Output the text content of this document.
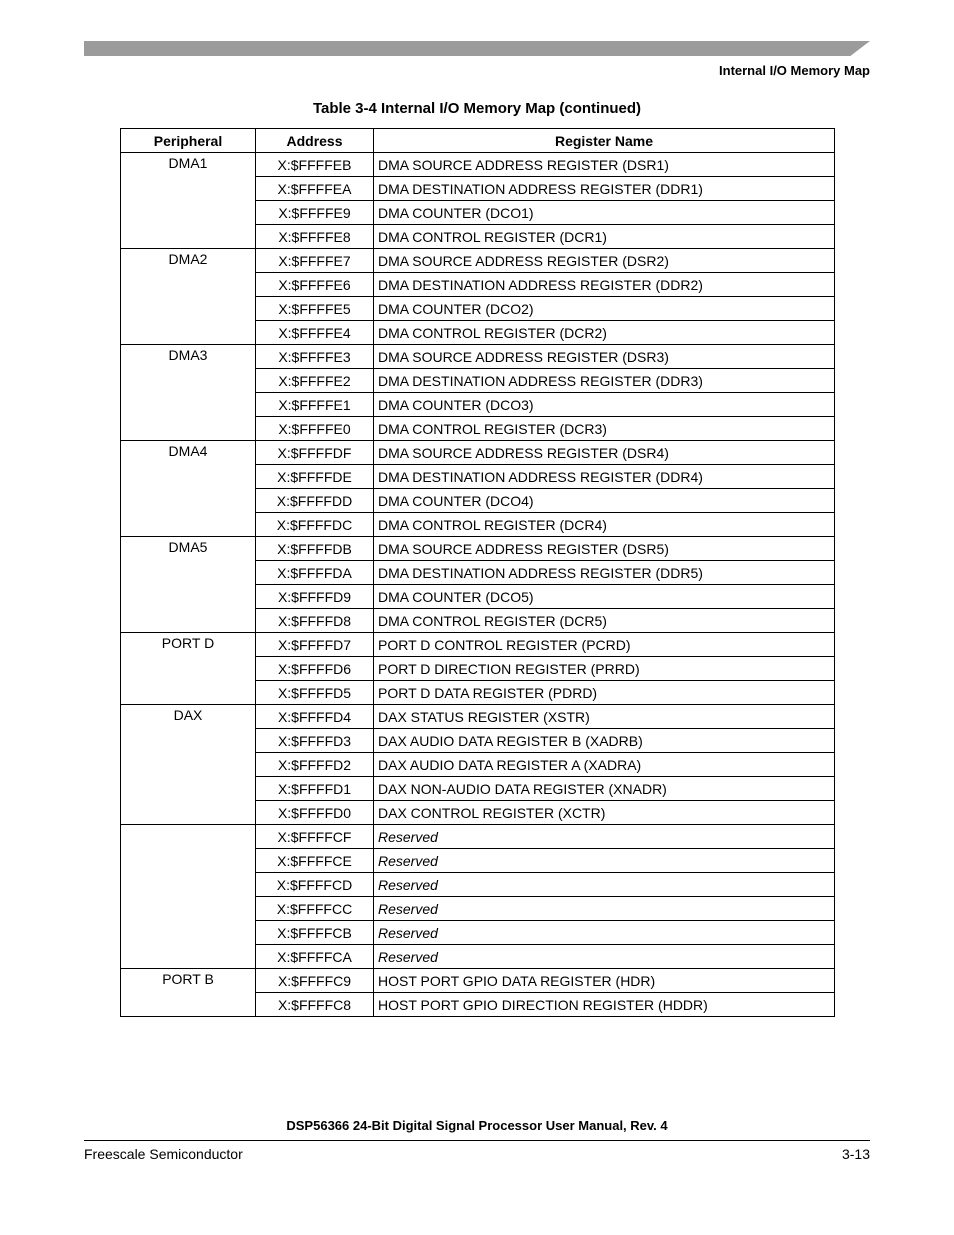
Internal I/O Memory Map
Table 3-4 Internal I/O Memory Map (continued)
Peripheral	Address	Register Name
DMA1	X:$FFFFEB	DMA SOURCE ADDRESS REGISTER (DSR1)
	X:$FFFFEA	DMA DESTINATION ADDRESS REGISTER (DDR1)
	X:$FFFFE9	DMA COUNTER (DCO1)
	X:$FFFFE8	DMA CONTROL REGISTER (DCR1)
DMA2	X:$FFFFE7	DMA SOURCE ADDRESS REGISTER (DSR2)
	X:$FFFFE6	DMA DESTINATION ADDRESS REGISTER (DDR2)
	X:$FFFFE5	DMA COUNTER (DCO2)
	X:$FFFFE4	DMA CONTROL REGISTER (DCR2)
DMA3	X:$FFFFE3	DMA SOURCE ADDRESS REGISTER (DSR3)
	X:$FFFFE2	DMA DESTINATION ADDRESS REGISTER (DDR3)
	X:$FFFFE1	DMA COUNTER (DCO3)
	X:$FFFFE0	DMA CONTROL REGISTER (DCR3)
DMA4	X:$FFFFDF	DMA SOURCE ADDRESS REGISTER (DSR4)
	X:$FFFFDE	DMA DESTINATION ADDRESS REGISTER (DDR4)
	X:$FFFFDD	DMA COUNTER (DCO4)
	X:$FFFFDC	DMA CONTROL REGISTER (DCR4)
DMA5	X:$FFFFDB	DMA SOURCE ADDRESS REGISTER (DSR5)
	X:$FFFFDA	DMA DESTINATION ADDRESS REGISTER (DDR5)
	X:$FFFFD9	DMA COUNTER (DCO5)
	X:$FFFFD8	DMA CONTROL REGISTER (DCR5)
PORT D	X:$FFFFD7	PORT D CONTROL REGISTER (PCRD)
	X:$FFFFD6	PORT D DIRECTION REGISTER (PRRD)
	X:$FFFFD5	PORT D DATA REGISTER (PDRD)
DAX	X:$FFFFD4	DAX STATUS REGISTER (XSTR)
	X:$FFFFD3	DAX AUDIO DATA REGISTER B (XADRB)
	X:$FFFFD2	DAX AUDIO DATA REGISTER A (XADRA)
	X:$FFFFD1	DAX NON-AUDIO DATA REGISTER (XNADR)
	X:$FFFFD0	DAX CONTROL REGISTER (XCTR)
	X:$FFFFCF	Reserved
	X:$FFFFCE	Reserved
	X:$FFFFCD	Reserved
	X:$FFFFCC	Reserved
	X:$FFFFCB	Reserved
	X:$FFFFCA	Reserved
PORT B	X:$FFFFC9	HOST PORT GPIO DATA REGISTER (HDR)
	X:$FFFFC8	HOST PORT GPIO DIRECTION REGISTER (HDDR)
DSP56366 24-Bit Digital Signal Processor User Manual, Rev. 4
Freescale Semiconductor	3-13
